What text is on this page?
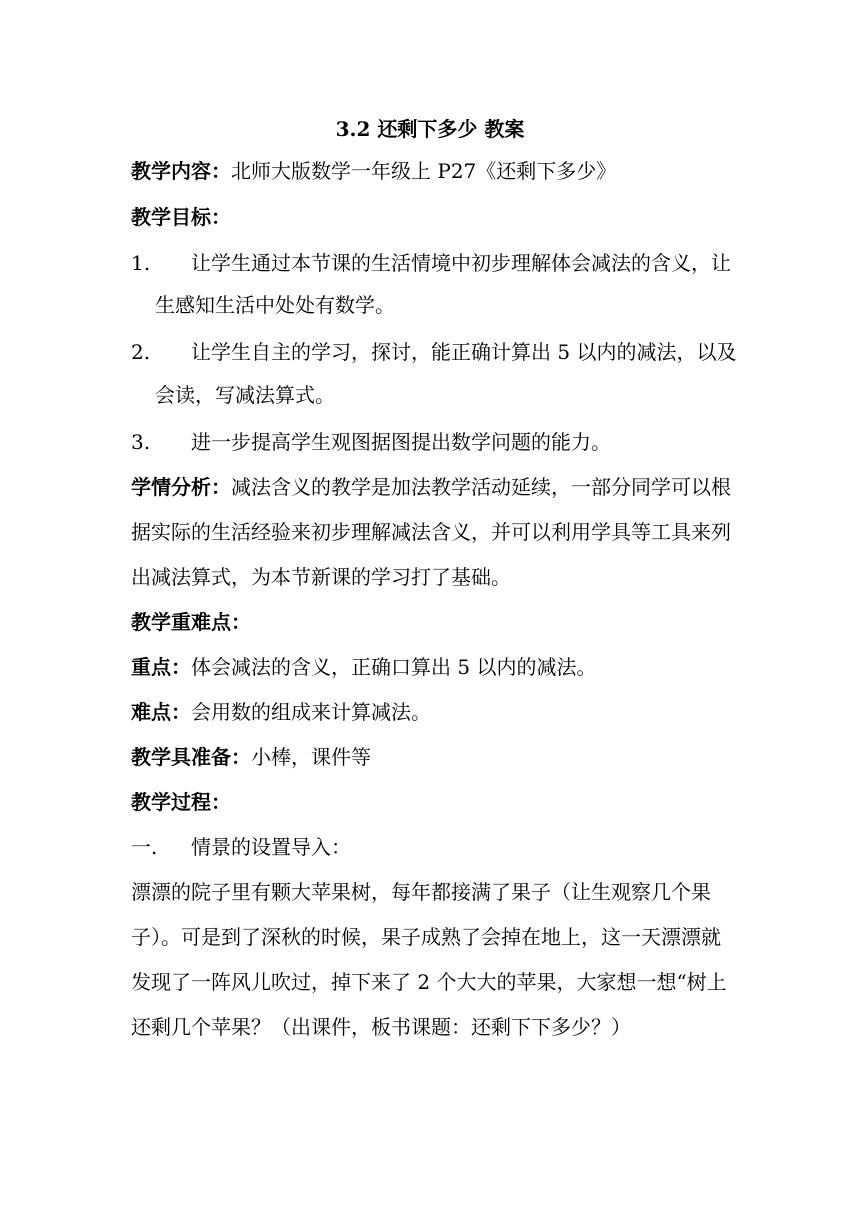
3.2 还剩下多少 教案
教学内容：北师大版数学一年级上 P27《还剩下多少》
教学目标：
1. 让学生通过本节课的生活情境中初步理解体会减法的含义，让
生感知生活中处处有数学。
2. 让学生自主的学习，探讨，能正确计算出 5 以内的减法，以及
会读，写减法算式。
3. 进一步提高学生观图据图提出数学问题的能力。
学情分析：减法含义的教学是加法教学活动延续，一部分同学可以根
据实际的生活经验来初步理解减法含义，并可以利用学具等工具来列
出减法算式，为本节新课的学习打了基础。
教学重难点：
重点：体会减法的含义，正确口算出 5 以内的减法。
难点：会用数的组成来计算减法。
教学具准备：小棒，课件等
教学过程：
一. 情景的设置导入：
漂漂的院子里有颗大苹果树，每年都接满了果子（让生观察几个果
子）。可是到了深秋的时候，果子成熟了会掉在地上，这一天漂漂就
发现了一阵风儿吹过，掉下来了 2 个大大的苹果，大家想一想“树上
还剩几个苹果？（出课件，板书课题：还剩下下多少？）
